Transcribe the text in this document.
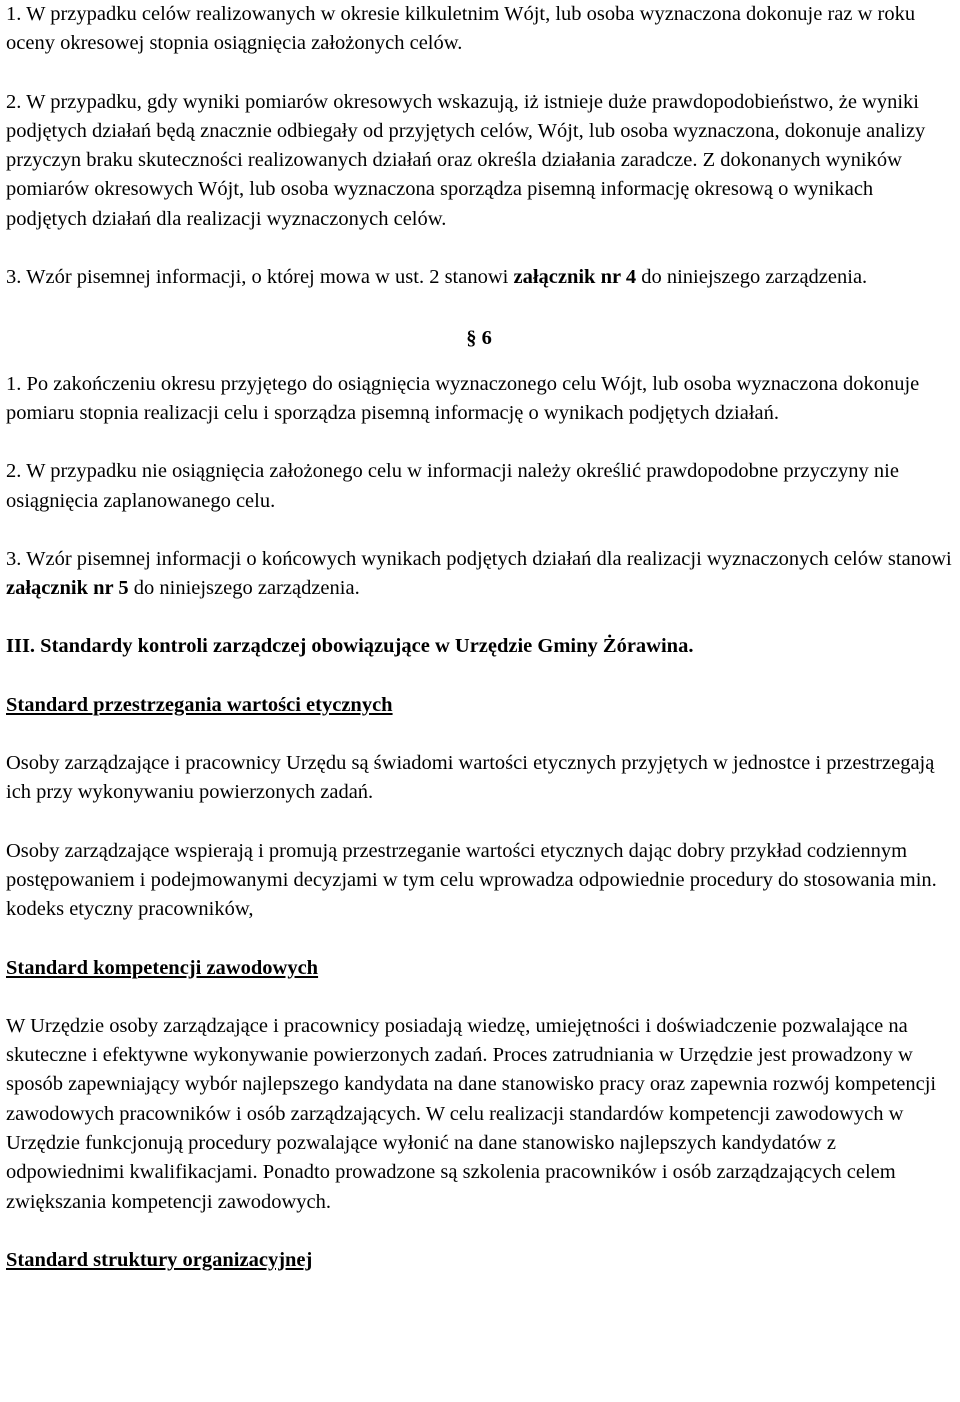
1. W przypadku celów realizowanych w okresie kilkuletnim Wójt, lub osoba wyznaczona dokonuje raz w roku oceny okresowej stopnia osiągnięcia założonych celów.

2. W przypadku, gdy wyniki pomiarów okresowych wskazują, iż istnieje duże prawdopodobieństwo, że wyniki podjętych działań będą znacznie odbiegały od przyjętych celów, Wójt, lub osoba wyznaczona, dokonuje analizy przyczyn braku skuteczności realizowanych działań oraz określa działania zaradcze. Z dokonanych wyników pomiarów okresowych Wójt, lub osoba wyznaczona sporządza pisemną informację okresową o wynikach podjętych działań dla realizacji wyznaczonych celów.

3. Wzór pisemnej informacji, o której mowa w ust. 2 stanowi załącznik nr 4 do niniejszego zarządzenia.

§ 6

1. Po zakończeniu okresu przyjętego do osiągnięcia wyznaczonego celu Wójt, lub osoba wyznaczona dokonuje pomiaru stopnia realizacji celu i sporządza pisemną informację o wynikach podjętych działań.

2. W przypadku nie osiągnięcia założonego celu w informacji należy określić prawdopodobne przyczyny nie osiągnięcia zaplanowanego celu.

3. Wzór pisemnej informacji o końcowych wynikach podjętych działań dla realizacji wyznaczonych celów stanowi załącznik nr 5 do niniejszego zarządzenia.

III. Standardy kontroli zarządczej obowiązujące w Urzędzie Gminy Żórawina.

Standard przestrzegania wartości etycznych

Osoby zarządzające i pracownicy Urzędu są świadomi wartości etycznych przyjętych w jednostce i przestrzegają ich przy wykonywaniu powierzonych zadań.

Osoby zarządzające wspierają i promują przestrzeganie wartości etycznych dając dobry przykład codziennym postępowaniem i podejmowanymi decyzjami w tym celu wprowadza odpowiednie procedury do stosowania min. kodeks etyczny pracowników,

Standard kompetencji zawodowych

W Urzędzie osoby zarządzające i pracownicy posiadają wiedzę, umiejętności i doświadczenie pozwalające na skuteczne i efektywne wykonywanie powierzonych zadań. Proces zatrudniania w Urzędzie jest prowadzony w sposób zapewniający wybór najlepszego kandydata na dane stanowisko pracy oraz zapewnia rozwój kompetencji zawodowych pracowników i osób zarządzających. W celu realizacji standardów kompetencji zawodowych w Urzędzie funkcjonują procedury pozwalające wyłonić na dane stanowisko najlepszych kandydatów z odpowiednimi kwalifikacjami. Ponadto prowadzone są szkolenia pracowników i osób zarządzających celem zwiększania kompetencji zawodowych.

Standard struktury organizacyjnej
